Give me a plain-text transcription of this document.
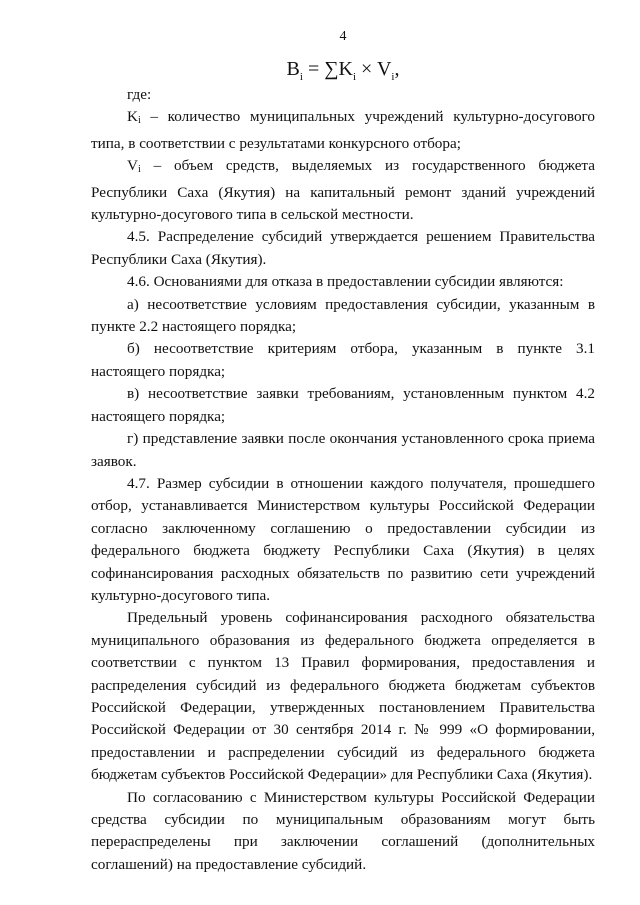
4
$B_i = \sum K_i \times V_i$,

где:

$K_i$ – количество муниципальных учреждений культурно-досугового типа, в соответствии с результатами конкурсного отбора;

$V_i$ – объем средств, выделяемых из государственного бюджета Республики Саха (Якутия) на капитальный ремонт зданий учреждений культурно-досугового типа в сельской местности.

4.5. Распределение субсидий утверждается решением Правительства Республики Саха (Якутия).

4.6. Основаниями для отказа в предоставлении субсидии являются:

а) несоответствие условиям предоставления субсидии, указанным в пункте 2.2 настоящего порядка;

б) несоответствие критериям отбора, указанным в пункте 3.1 настоящего порядка;

в) несоответствие заявки требованиям, установленным пунктом 4.2 настоящего порядка;

г) представление заявки после окончания установленного срока приема заявок.

4.7. Размер субсидии в отношении каждого получателя, прошедшего отбор, устанавливается Министерством культуры Российской Федерации согласно заключенному соглашению о предоставлении субсидии из федерального бюджета бюджету Республики Саха (Якутия) в целях софинансирования расходных обязательств по развитию сети учреждений культурно-досугового типа.

Предельный уровень софинансирования расходного обязательства муниципального образования из федерального бюджета определяется в соответствии с пунктом 13 Правил формирования, предоставления и распределения субсидий из федерального бюджета бюджетам субъектов Российской Федерации, утвержденных постановлением Правительства Российской Федерации от 30 сентября 2014 г. № 999 «О формировании, предоставлении и распределении субсидий из федерального бюджета бюджетам субъектов Российской Федерации» для Республики Саха (Якутия).

По согласованию с Министерством культуры Российской Федерации средства субсидии по муниципальным образованиям могут быть перераспределены при заключении соглашений (дополнительных соглашений) на предоставление субсидий.
